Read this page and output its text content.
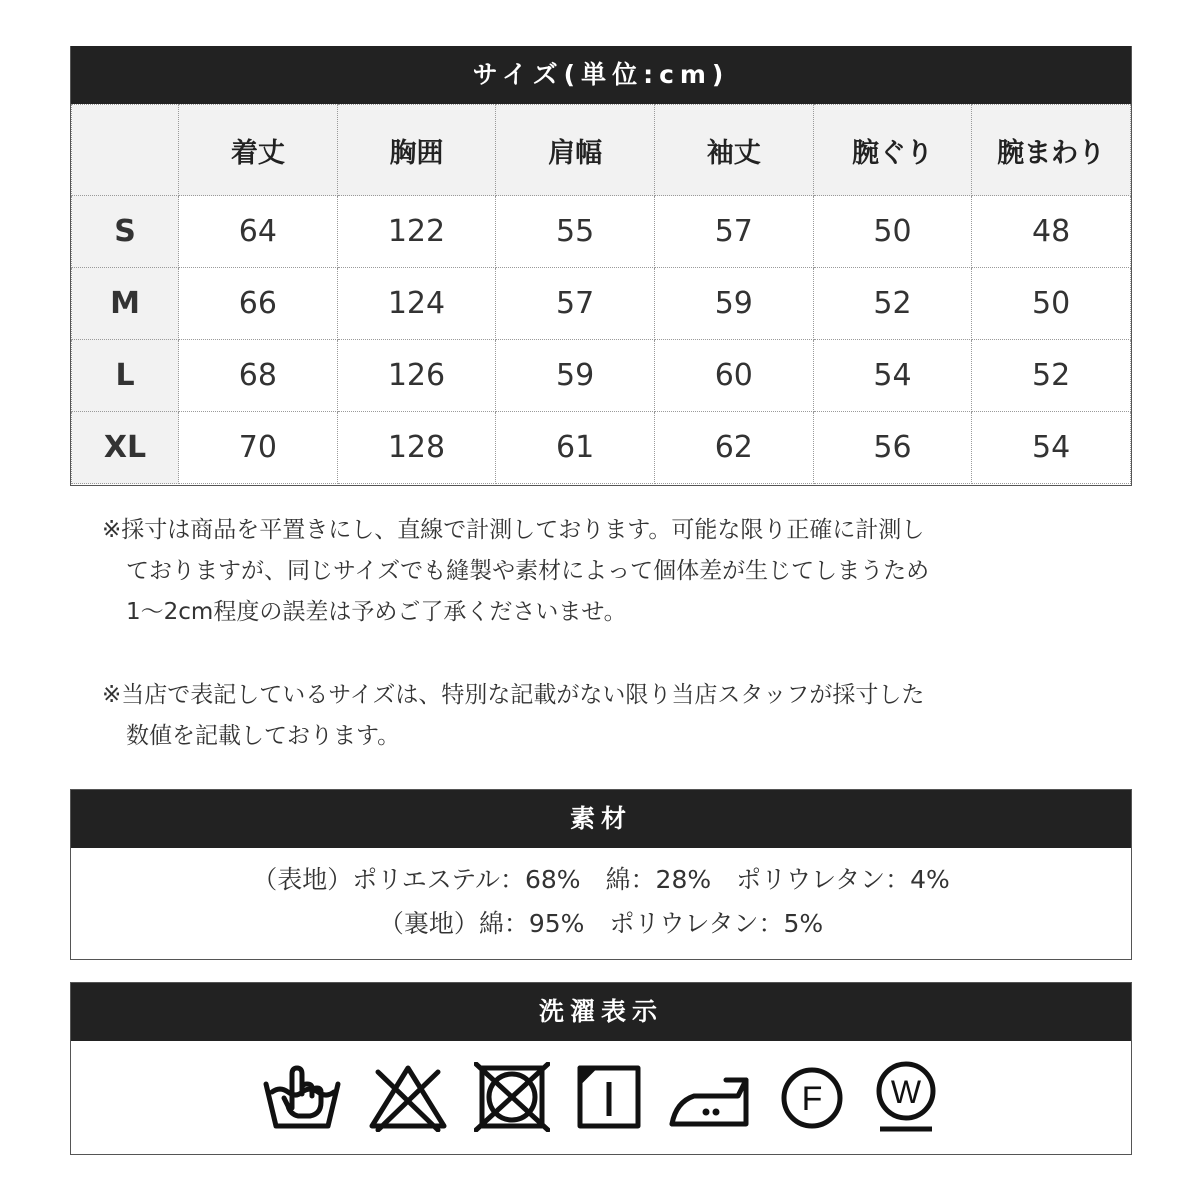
サイズ(単位:cm)
	着丈	胸囲	肩幅	袖丈	腕ぐり	腕まわり
S	64	122	55	57	50	48
M	66	124	57	59	52	50
L	68	126	59	60	54	52
XL	70	128	61	62	56	54

※採寸は商品を平置きにし、直線で計測しております。可能な限り正確に計測し
ておりますが、同じサイズでも縫製や素材によって個体差が生じてしまうため
1～2cm程度の誤差は予めご了承くださいませ。

※当店で表記しているサイズは、特別な記載がない限り当店スタッフが採寸した
数値を記載しております。

素材
（表地）ポリエステル：68%　綿：28%　ポリウレタン：4%
（裏地）綿：95%　ポリウレタン：5%
洗濯表示
F W
